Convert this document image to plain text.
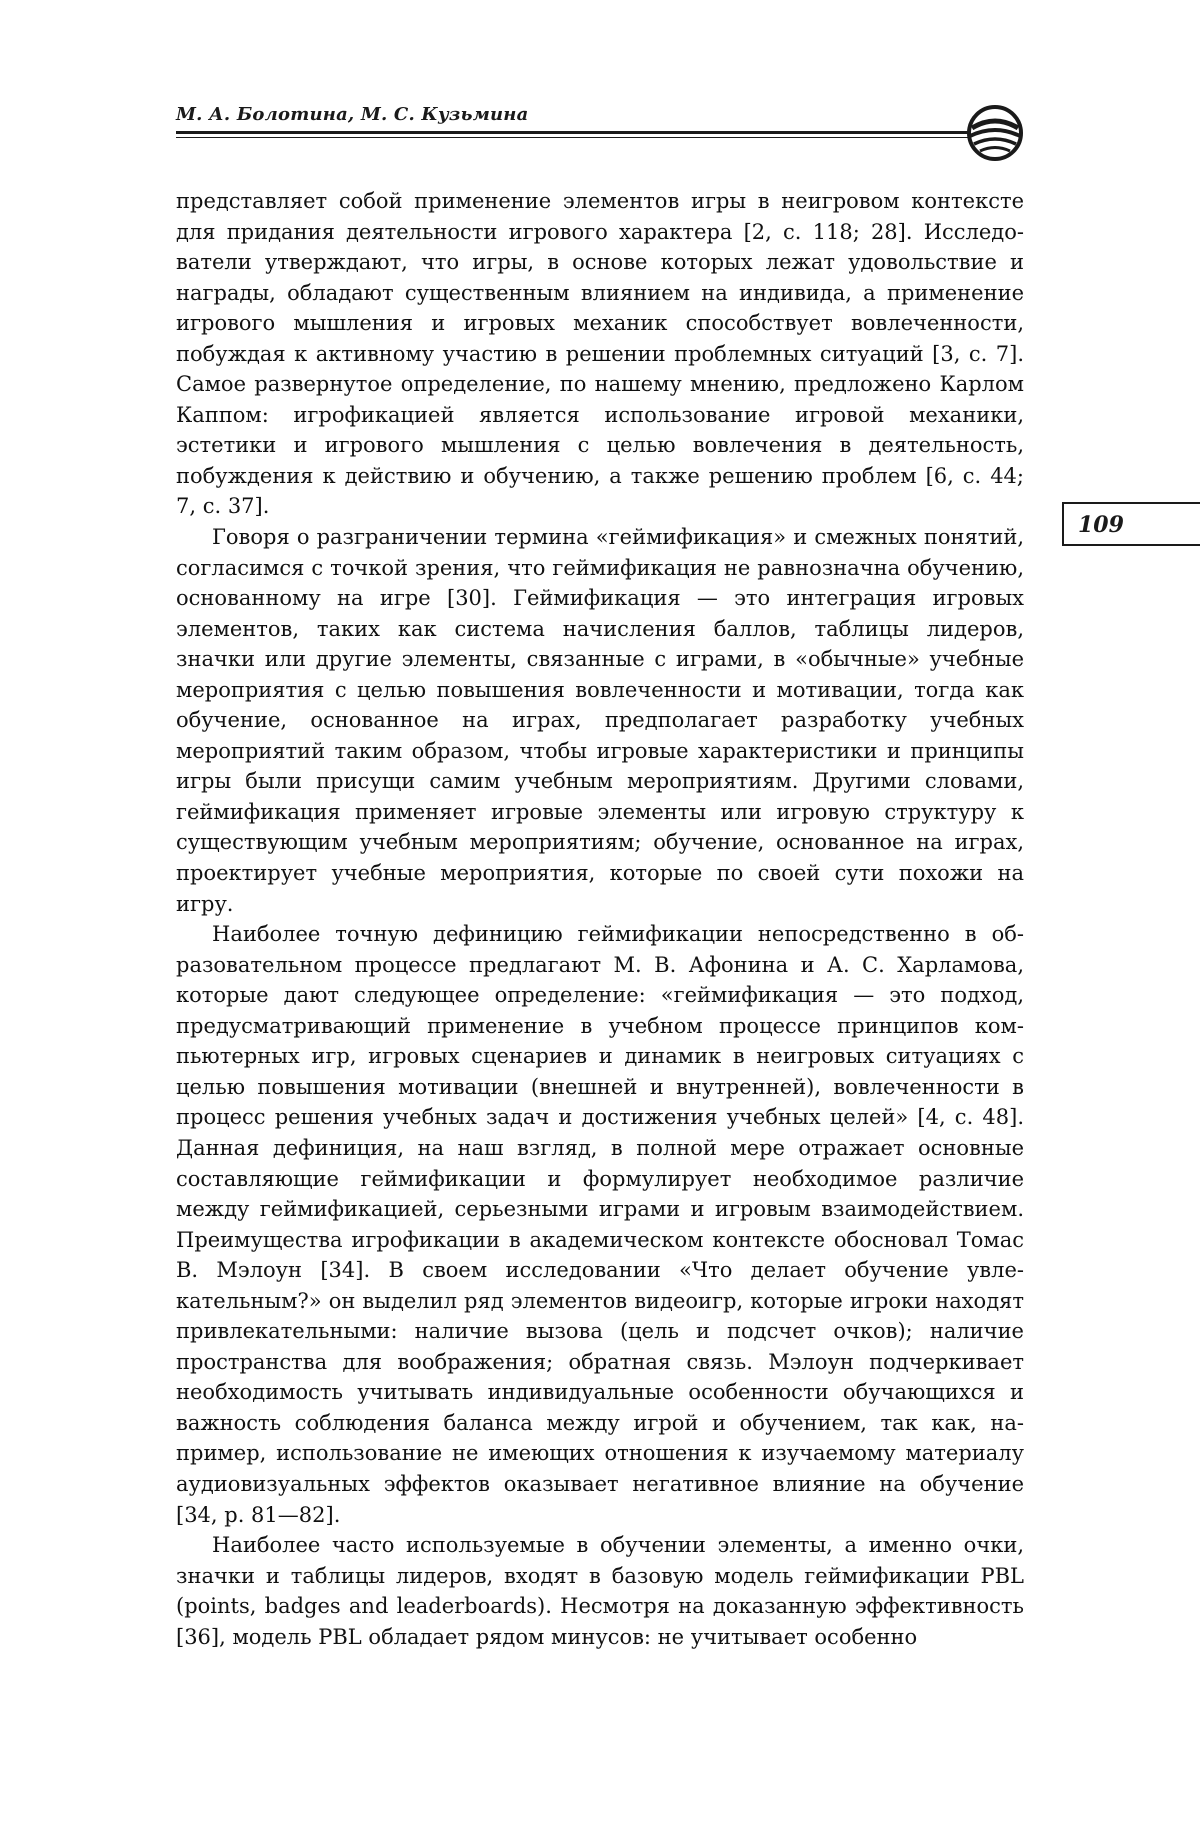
М. А. Болотина, М. С. Кузьмина
109

представляет собой применение элементов игры в неигровом контексте для придания деятельности игрового характера [2, с. 118; 28]. Исследователи утверждают, что игры, в основе которых лежат удовольствие и награды, обладают существенным влиянием на индивида, а применение игрового мышления и игровых механик способствует вовлеченности, побуждая к активному участию в решении проблемных ситуаций [3, с. 7]. Самое развернутое определение, по нашему мнению, предложено Карлом Каппом: игрофикацией является использование игровой механики, эстетики и игрового мышления с целью вовлечения в деятельность, побуждения к действию и обучению, а также решению проблем [6, с. 44; 7, с. 37].

Говоря о разграничении термина «геймификация» и смежных понятий, согласимся с точкой зрения, что геймификация не равнозначна обучению, основанному на игре [30]. Геймификация — это интеграция игровых элементов, таких как система начисления баллов, таблицы лидеров, значки или другие элементы, связанные с играми, в «обычные» учебные мероприятия с целью повышения вовлеченности и мотивации, тогда как обучение, основанное на играх, предполагает разработку учебных мероприятий таким образом, чтобы игровые характеристики и принципы игры были присущи самим учебным мероприятиям. Другими словами, геймификация применяет игровые элементы или игровую структуру к существующим учебным мероприятиям; обучение, основанное на играх, проектирует учебные мероприятия, которые по своей сути похожи на игру.

Наиболее точную дефиницию геймификации непосредственно в образовательном процессе предлагают М. В. Афонина и А. С. Харламова, которые дают следующее определение: «геймификация — это подход, предусматривающий применение в учебном процессе принципов компьютерных игр, игровых сценариев и динамик в неигровых ситуациях с целью повышения мотивации (внешней и внутренней), вовлеченности в процесс решения учебных задач и достижения учебных целей» [4, с. 48]. Данная дефиниция, на наш взгляд, в полной мере отражает основные составляющие геймификации и формулирует необходимое различие между геймификацией, серьезными играми и игровым взаимодействием. Преимущества игрофикации в академическом контексте обосновал Томас В. Мэлоун [34]. В своем исследовании «Что делает обучение увлекательным?» он выделил ряд элементов видеоигр, которые игроки находят привлекательными: наличие вызова (цель и подсчет очков); наличие пространства для воображения; обратная связь. Мэлоун подчеркивает необходимость учитывать индивидуальные особенности обучающихся и важность соблюдения баланса между игрой и обучением, так как, например, использование не имеющих отношения к изучаемому материалу аудиовизуальных эффектов оказывает негативное влияние на обучение [34, p. 81—82].

Наиболее часто используемые в обучении элементы, а именно очки, значки и таблицы лидеров, входят в базовую модель геймификации PBL (points, badges and leaderboards). Несмотря на доказанную эффективность [36], модель PBL обладает рядом минусов: не учитывает особенно
